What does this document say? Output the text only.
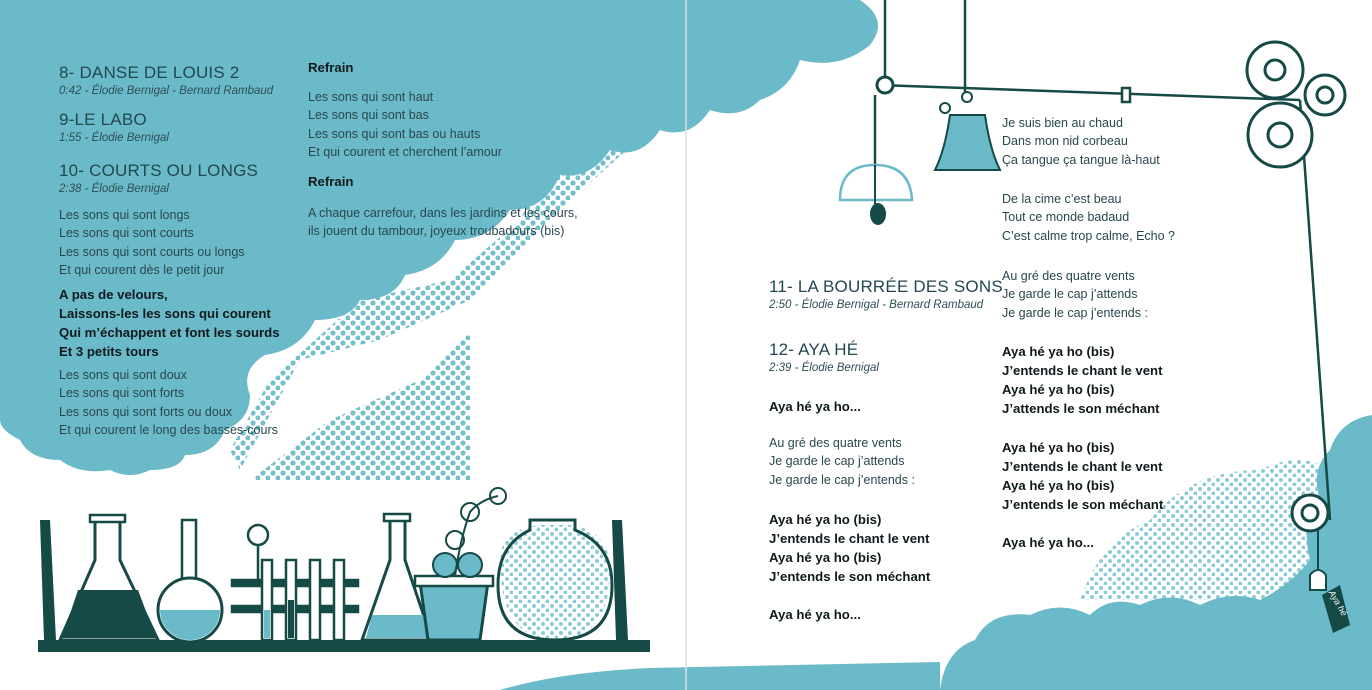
8- DANSE DE LOUIS 2
0:42 - Élodie Bernigal - Bernard Rambaud
9-LE LABO
1:55 - Élodie Bernigal
10- COURTS OU LONGS
2:38 - Élodie Bernigal
Les sons qui sont longs
Les sons qui sont courts
Les sons qui sont courts ou longs
Et qui courent dès le petit jour
A pas de velours,
Laissons-les les sons qui courent
Qui m’échappent et font les sourds
Et 3 petits tours
Les sons qui sont doux
Les sons qui sont forts
Les sons qui sont forts ou doux
Et qui courent le long des basses-cours
Refrain
Les sons qui sont haut
Les sons qui sont bas
Les sons qui sont bas ou hauts
Et qui courent et cherchent l’amour
Refrain
A chaque carrefour, dans les jardins et les cours,
ils jouent du tambour, joyeux troubadours (bis)
11- LA BOURRÉE DES SONS
2:50 - Élodie Bernigal - Bernard Rambaud
12- AYA HÉ
2:39 - Élodie Bernigal
Aya hé ya ho...
Au gré des quatre vents
Je garde le cap j’attends
Je garde le cap j’entends :
Aya hé ya ho (bis)
J’entends le chant le vent
Aya hé ya ho (bis)
J’entends le son méchant
Aya hé ya ho...
Je suis bien au chaud
Dans mon nid corbeau
Ça tangue ça tangue là-haut
De la cime c’est beau
Tout ce monde badaud
C’est calme trop calme, Echo ?
Au gré des quatre vents
Je garde le cap j’attends
Je garde le cap j’entends :
Aya hé ya ho (bis)
J’entends le chant le vent
Aya hé ya ho (bis)
J’attends le son méchant
Aya hé ya ho (bis)
J’entends le chant le vent
Aya hé ya ho (bis)
J’entends le son méchant
Aya hé ya ho...
Aya hé
